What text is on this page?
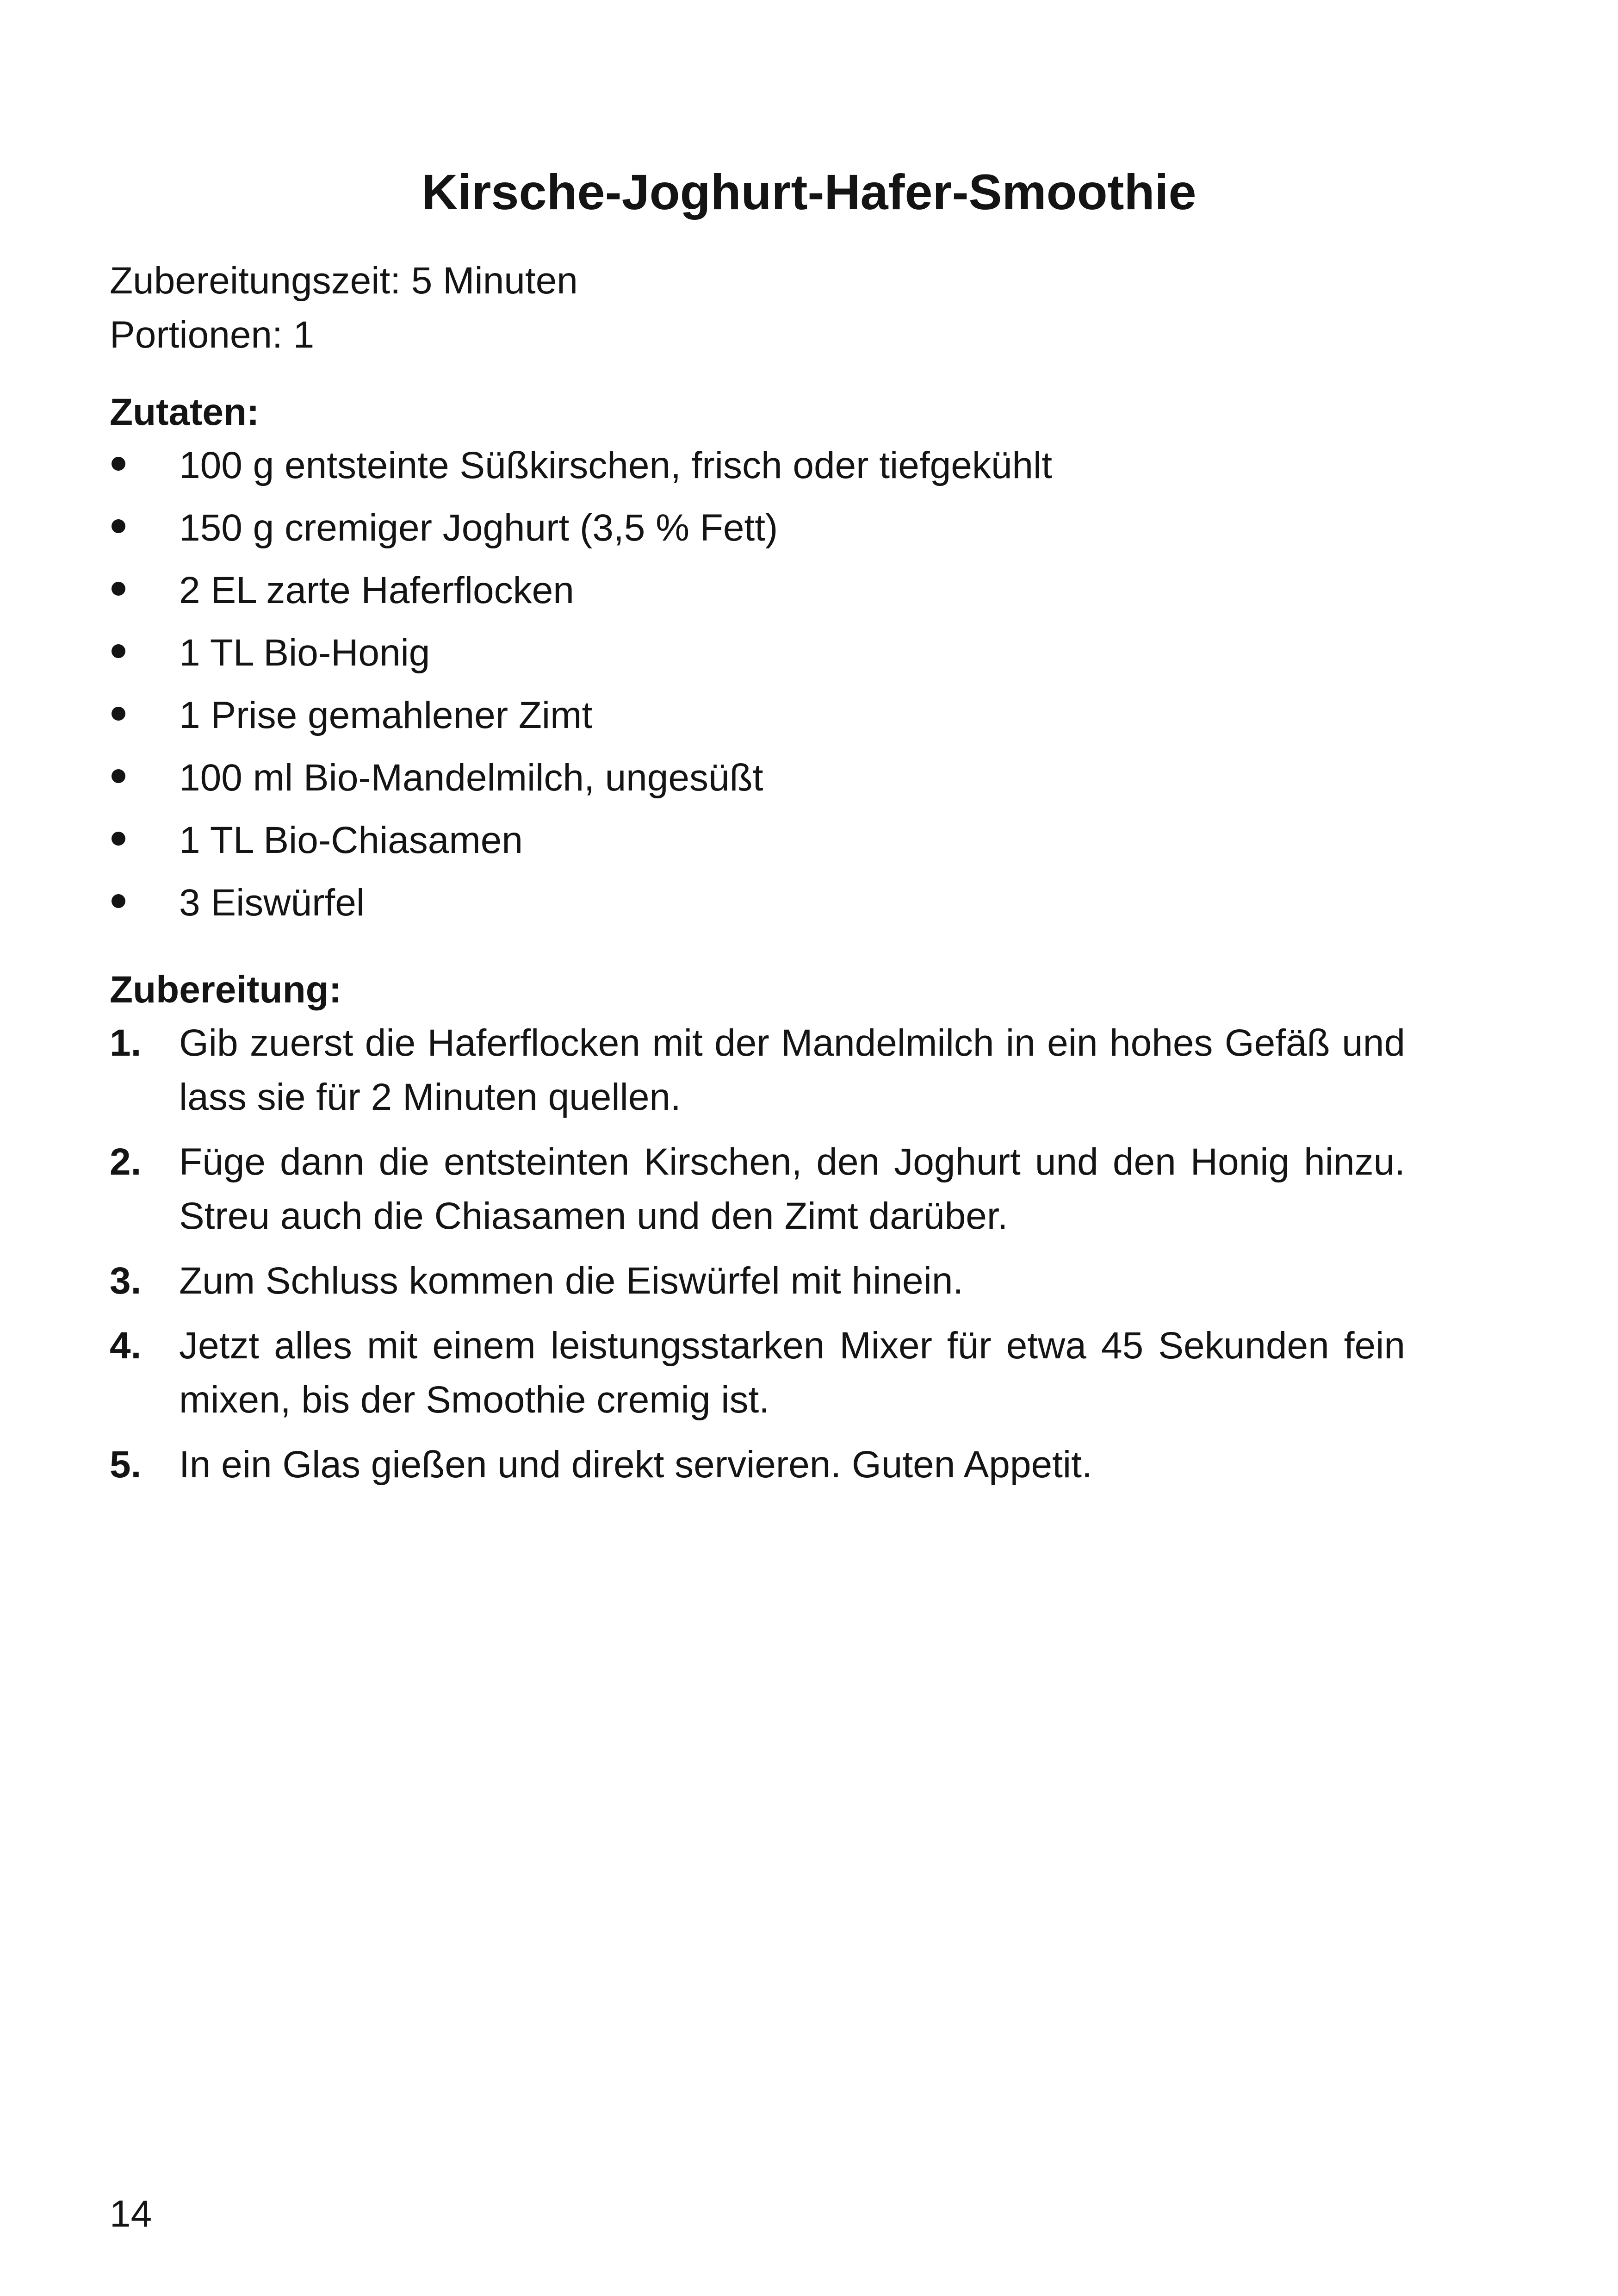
Kirsche-Joghurt-Hafer-Smoothie
Zubereitungszeit: 5 Minuten
Portionen: 1
Zutaten:
100 g entsteinte Süßkirschen, frisch oder tiefgekühlt
150 g cremiger Joghurt (3,5 % Fett)
2 EL zarte Haferflocken
1 TL Bio-Honig
1 Prise gemahlener Zimt
100 ml Bio-Mandelmilch, ungesüßt
1 TL Bio-Chiasamen
3 Eiswürfel
Zubereitung:
1. Gib zuerst die Haferflocken mit der Mandelmilch in ein hohes Gefäß und lass sie für 2 Minuten quellen.
2. Füge dann die entsteinten Kirschen, den Joghurt und den Honig hinzu. Streu auch die Chiasamen und den Zimt darüber.
3. Zum Schluss kommen die Eiswürfel mit hinein.
4. Jetzt alles mit einem leistungsstarken Mixer für etwa 45 Sekunden fein mixen, bis der Smoothie cremig ist.
5. In ein Glas gießen und direkt servieren. Guten Appetit.
14
